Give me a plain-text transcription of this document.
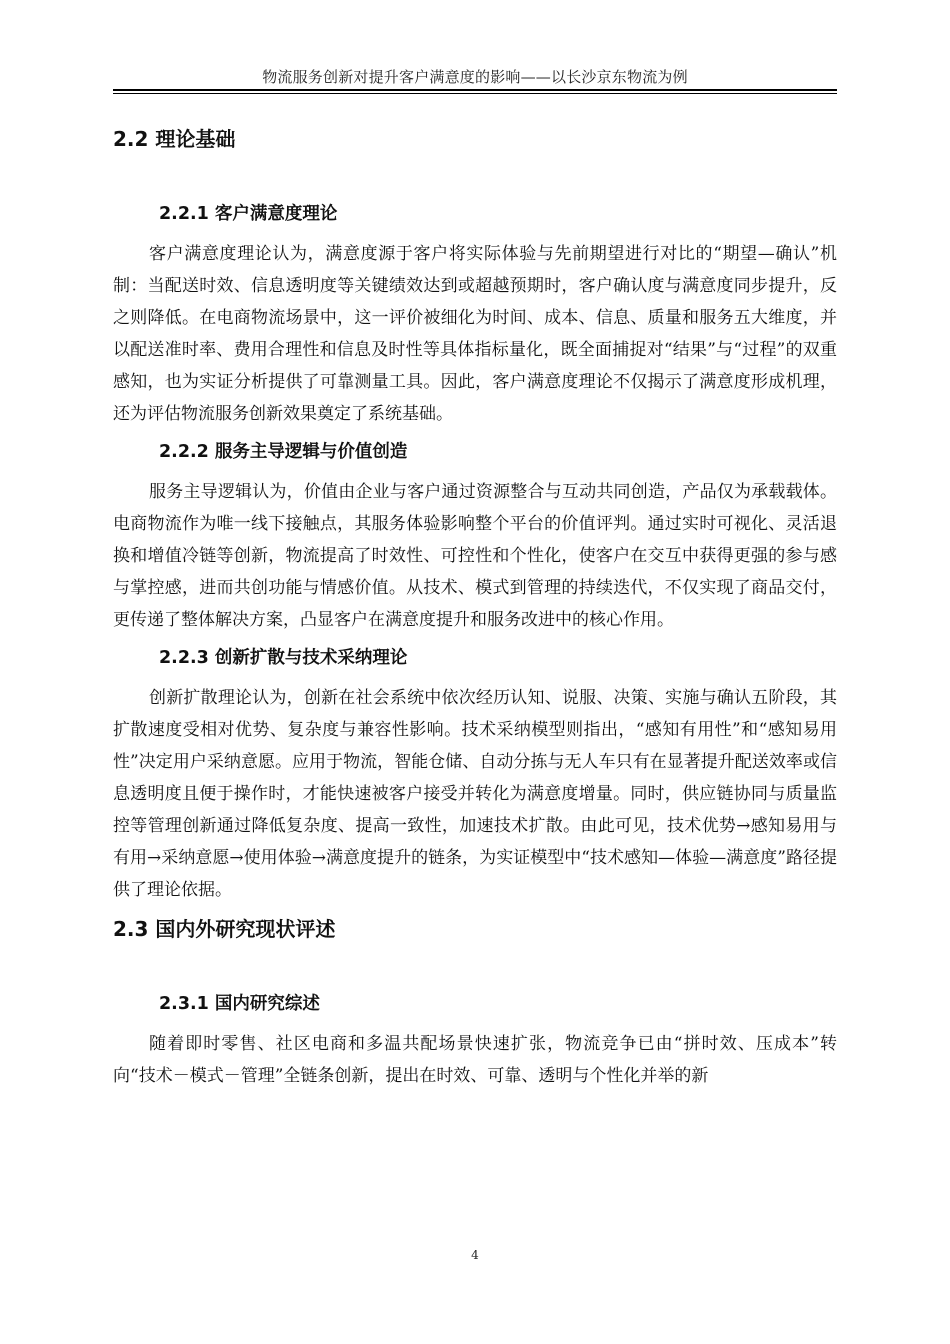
物流服务创新对提升客户满意度的影响——以长沙京东物流为例
2.2 理论基础
2.2.1 客户满意度理论

客户满意度理论认为，满意度源于客户将实际体验与先前期望进行对比的“期望—确认”机制：当配送时效、信息透明度等关键绩效达到或超越预期时，客户确认度与满意度同步提升，反之则降低。在电商物流场景中，这一评价被细化为时间、成本、信息、质量和服务五大维度，并以配送准时率、费用合理性和信息及时性等具体指标量化，既全面捕捉对“结果”与“过程”的双重感知，也为实证分析提供了可靠测量工具。因此，客户满意度理论不仅揭示了满意度形成机理，还为评估物流服务创新效果奠定了系统基础。

2.2.2 服务主导逻辑与价值创造

服务主导逻辑认为，价值由企业与客户通过资源整合与互动共同创造，产品仅为承载载体。电商物流作为唯一线下接触点，其服务体验影响整个平台的价值评判。通过实时可视化、灵活退换和增值冷链等创新，物流提高了时效性、可控性和个性化，使客户在交互中获得更强的参与感与掌控感，进而共创功能与情感价值。从技术、模式到管理的持续迭代，不仅实现了商品交付，更传递了整体解决方案，凸显客户在满意度提升和服务改进中的核心作用。

2.2.3 创新扩散与技术采纳理论

创新扩散理论认为，创新在社会系统中依次经历认知、说服、决策、实施与确认五阶段，其扩散速度受相对优势、复杂度与兼容性影响。技术采纳模型则指出，“感知有用性”和“感知易用性”决定用户采纳意愿。应用于物流，智能仓储、自动分拣与无人车只有在显著提升配送效率或信息透明度且便于操作时，才能快速被客户接受并转化为满意度增量。同时，供应链协同与质量监控等管理创新通过降低复杂度、提高一致性，加速技术扩散。由此可见，技术优势→感知易用与有用→采纳意愿→使用体验→满意度提升的链条，为实证模型中“技术感知—体验—满意度”路径提供了理论依据。

2.3 国内外研究现状评述
2.3.1 国内研究综述

随着即时零售、社区电商和多温共配场景快速扩张，物流竞争已由“拼时效、压成本”转向“技术－模式－管理”全链条创新，提出在时效、可靠、透明与个性化并举的新

4
